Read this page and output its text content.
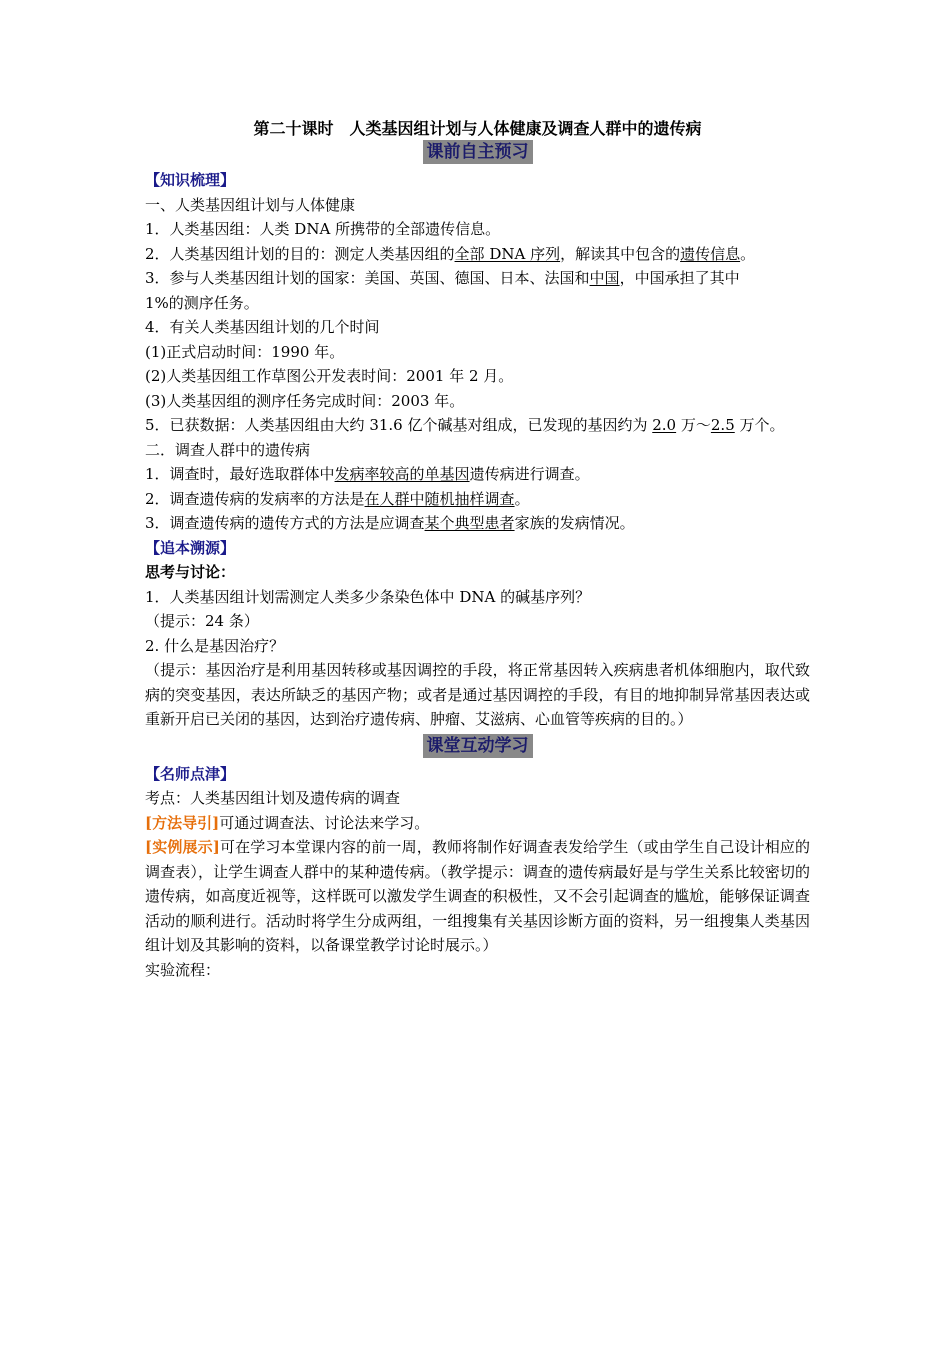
第二十课时　人类基因组计划与人体健康及调查人群中的遗传病
课前自主预习
【知识梳理】
一、人类基因组计划与人体健康
1．人类基因组：人类 DNA 所携带的全部遗传信息。
2．人类基因组计划的目的：测定人类基因组的全部 DNA 序列，解读其中包含的遗传信息。
3．参与人类基因组计划的国家：美国、英国、德国、日本、法国和中国，中国承担了其中
1%的测序任务。
4．有关人类基因组计划的几个时间
(1)正式启动时间：1990 年。
(2)人类基因组工作草图公开发表时间：2001 年 2 月。
(3)人类基因组的测序任务完成时间：2003 年。
5．已获数据：人类基因组由大约 31.6 亿个碱基对组成，已发现的基因约为 2.0 万～2.5 万个。
二．调查人群中的遗传病
1．调查时，最好选取群体中发病率较高的单基因遗传病进行调查。
2．调查遗传病的发病率的方法是在人群中随机抽样调查。
3．调查遗传病的遗传方式的方法是应调查某个典型患者家族的发病情况。
【追本溯源】
思考与讨论：
1．人类基因组计划需测定人类多少条染色体中 DNA 的碱基序列？
（提示：24 条）
2. 什么是基因治疗？
（提示：基因治疗是利用基因转移或基因调控的手段，将正常基因转入疾病患者机体细胞内，取代致病的突变基因，表达所缺乏的基因产物；或者是通过基因调控的手段，有目的地抑制异常基因表达或重新开启已关闭的基因，达到治疗遗传病、肿瘤、艾滋病、心血管等疾病的目的。）
课堂互动学习
【名师点津】
考点：人类基因组计划及遗传病的调查
[方法导引]可通过调查法、讨论法来学习。
[实例展示]可在学习本堂课内容的前一周，教师将制作好调查表发给学生（或由学生自己设计相应的调查表），让学生调查人群中的某种遗传病。（教学提示：调查的遗传病最好是与学生关系比较密切的遗传病，如高度近视等，这样既可以激发学生调查的积极性，又不会引起调查的尴尬，能够保证调查活动的顺利进行。活动时将学生分成两组，一组搜集有关基因诊断方面的资料，另一组搜集人类基因组计划及其影响的资料，以备课堂教学讨论时展示。）
实验流程：
